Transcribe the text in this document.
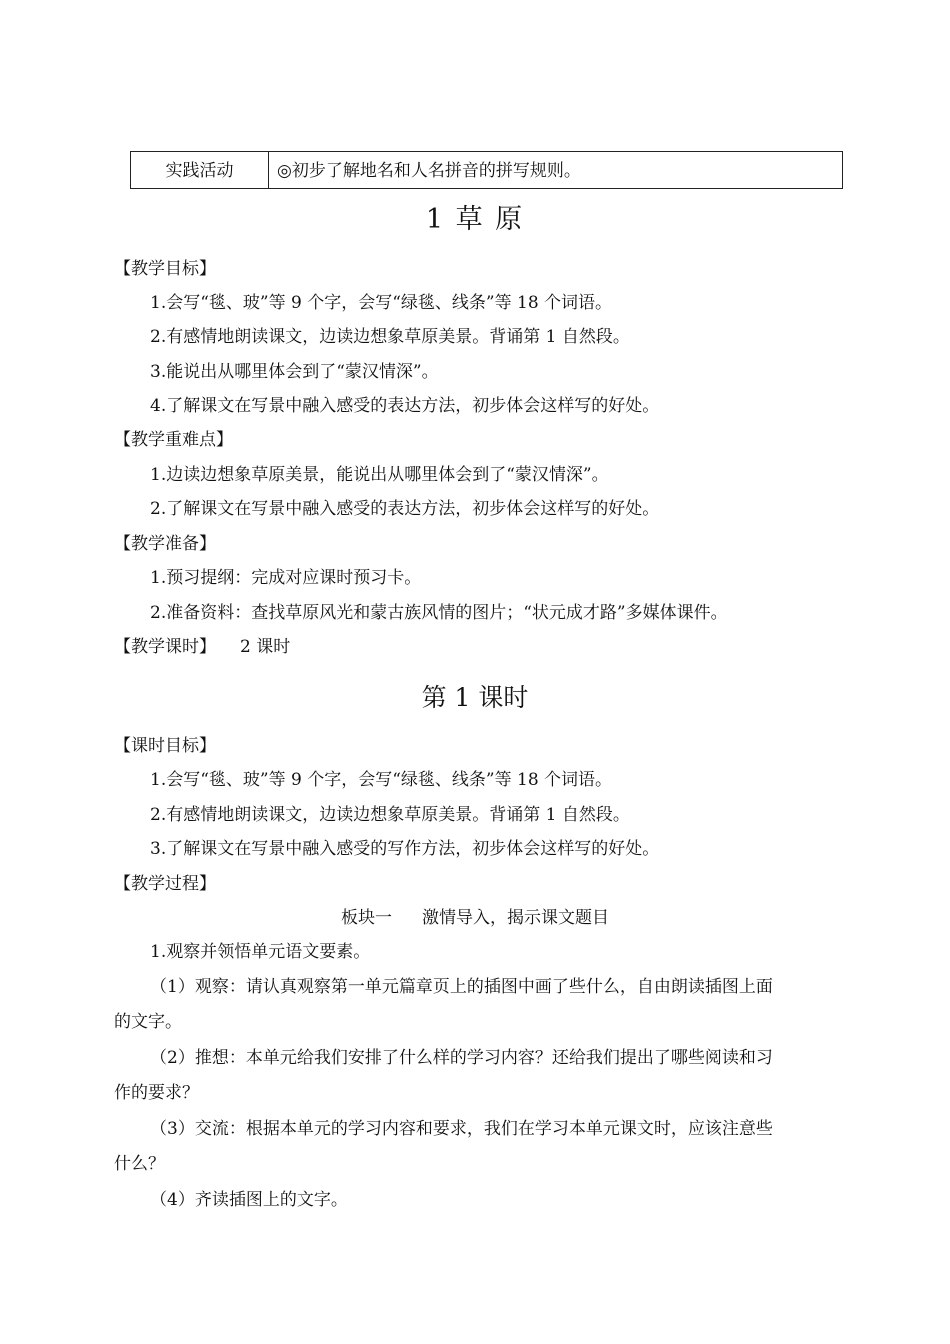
实践活动	◎初步了解地名和人名拼音的拼写规则。
1 草 原
【教学目标】
1.会写“毯、玻”等 9 个字，会写“绿毯、线条”等 18 个词语。
2.有感情地朗读课文，边读边想象草原美景。背诵第 1 自然段。
3.能说出从哪里体会到了“蒙汉情深”。
4.了解课文在写景中融入感受的表达方法，初步体会这样写的好处。
【教学重难点】
1.边读边想象草原美景，能说出从哪里体会到了“蒙汉情深”。
2.了解课文在写景中融入感受的表达方法，初步体会这样写的好处。
【教学准备】
1.预习提纲：完成对应课时预习卡。
2.准备资料：查找草原风光和蒙古族风情的图片；“状元成才路”多媒体课件。
【教学课时】 2 课时
第 1 课时
【课时目标】
1.会写“毯、玻”等 9 个字，会写“绿毯、线条”等 18 个词语。
2.有感情地朗读课文，边读边想象草原美景。背诵第 1 自然段。
3.了解课文在写景中融入感受的写作方法，初步体会这样写的好处。
【教学过程】
板块一 激情导入，揭示课文题目
1.观察并领悟单元语文要素。
（1）观察：请认真观察第一单元篇章页上的插图中画了些什么，自由朗读插图上面
的文字。
（2）推想：本单元给我们安排了什么样的学习内容？还给我们提出了哪些阅读和习
作的要求？
（3）交流：根据本单元的学习内容和要求，我们在学习本单元课文时，应该注意些
什么？
（4）齐读插图上的文字。
